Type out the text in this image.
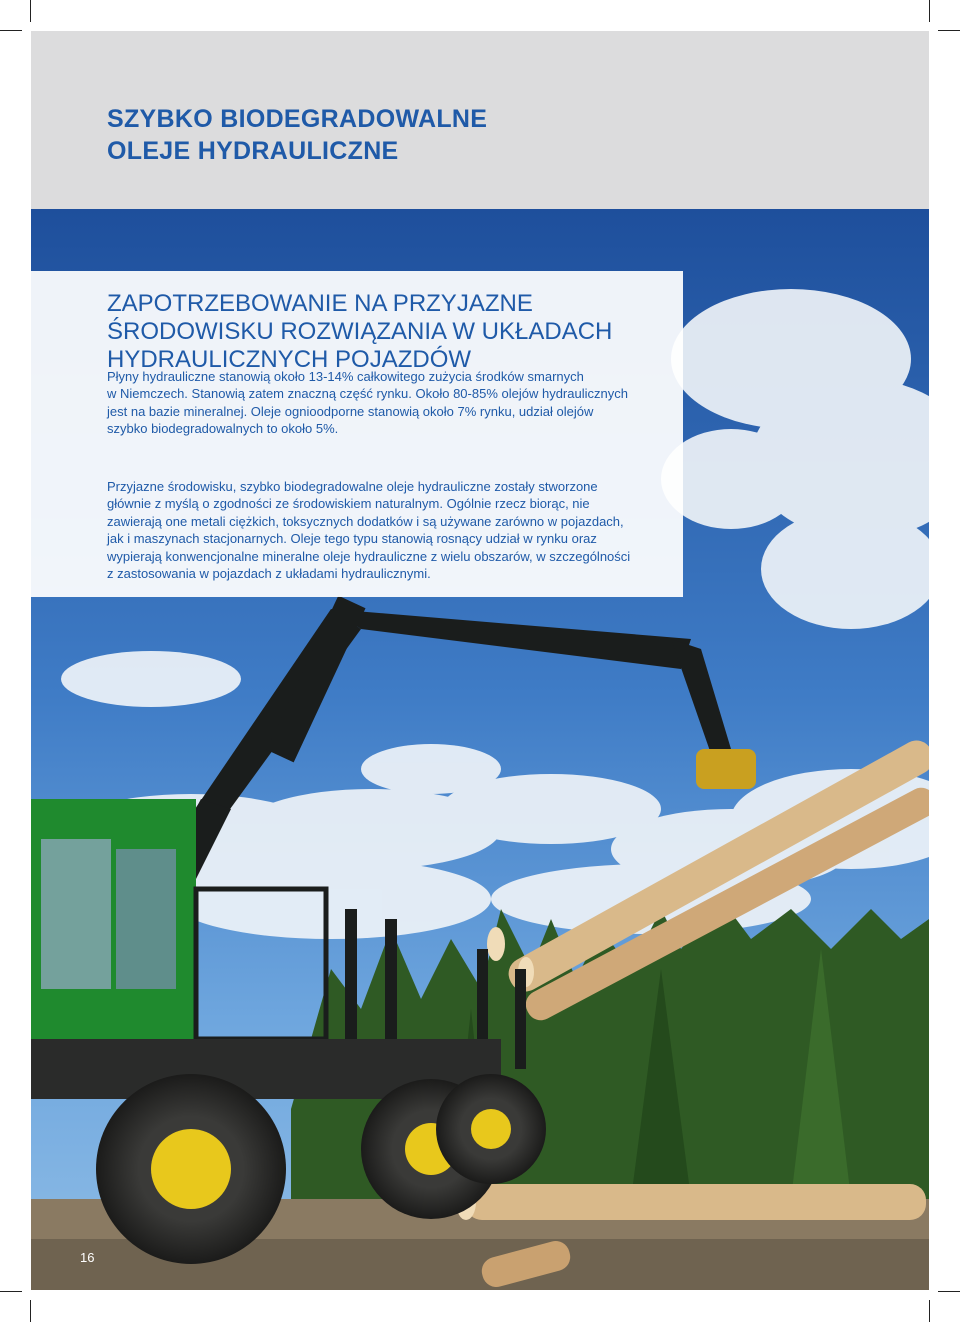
SZYBKO BIODEGRADOWALNE
OLEJE HYDRAULICZNE
ZAPOTRZEBOWANIE NA PRZYJAZNE
ŚRODOWISKU ROZWIĄZANIA W UKŁADACH
HYDRAULICZNYCH POJAZDÓW

Płyny hydrauliczne stanowią około 13-14% całkowitego zużycia środków smarnych
w Niemczech. Stanowią zatem znaczną część rynku. Około 80-85% olejów hydraulicznych
jest na bazie mineralnej. Oleje ognioodporne stanowią około 7% rynku, udział olejów
szybko biodegradowalnych to około 5%.

Przyjazne środowisku, szybko biodegradowalne oleje hydrauliczne zostały stworzone
głównie z myślą o zgodności ze środowiskiem naturalnym. Ogólnie rzecz biorąc, nie
zawierają one metali ciężkich, toksycznych dodatków i są używane zarówno w pojazdach,
jak i maszynach stacjonarnych. Oleje tego typu stanowią rosnący udział w rynku oraz
wypierają konwencjonalne mineralne oleje hydrauliczne z wielu obszarów, w szczególności
z zastosowania w pojazdach z układami hydraulicznymi.

16
